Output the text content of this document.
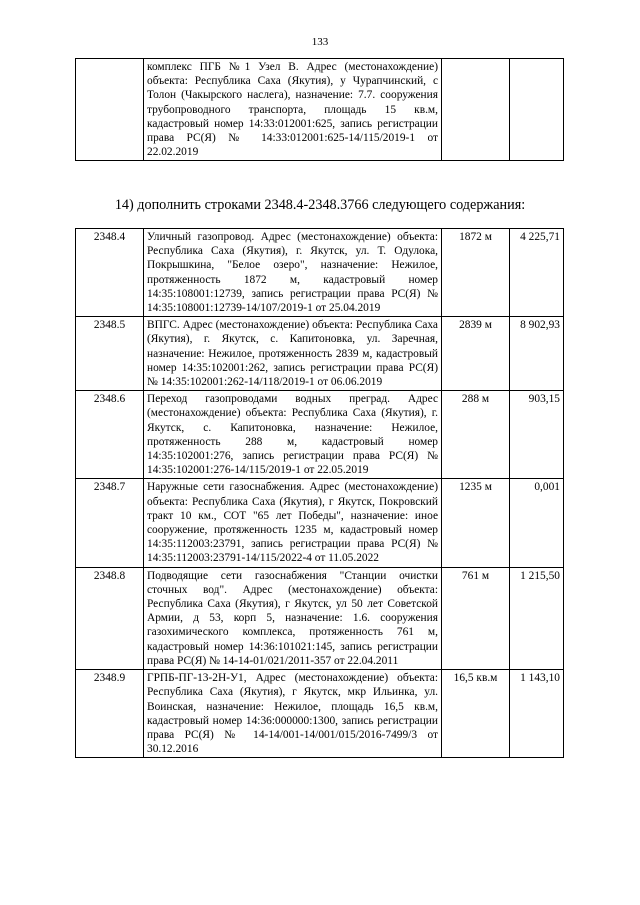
133
	комплекс ПГБ №1 Узел В. Адрес (местонахождение) объекта: Республика Саха (Якутия), у Чурапчинский, с Толон (Чакырского наслега), назначение: 7.7. сооружения трубопроводного транспорта, площадь 15 кв.м, кадастровый номер 14:33:012001:625, запись регистрации права РС(Я) № 14:33:012001:625-14/115/2019-1 от 22.02.2019		
14) дополнить строками 2348.4-2348.3766 следующего содержания:
2348.4	Уличный газопровод. Адрес (местонахождение) объекта: Республика Саха (Якутия), г. Якутск, ул. Т. Одулока, Покрышкина, "Белое озеро", назначение: Нежилое, протяженность 1872 м, кадастровый номер 14:35:108001:12739, запись регистрации права РС(Я) № 14:35:108001:12739-14/107/2019-1 от 25.04.2019	1872 м	4 225,71
2348.5	ВПГС. Адрес (местонахождение) объекта: Республика Саха (Якутия), г. Якутск, с. Капитоновка, ул. Заречная, назначение: Нежилое, протяженность 2839 м, кадастровый номер 14:35:102001:262, запись регистрации права РС(Я) № 14:35:102001:262-14/118/2019-1 от 06.06.2019	2839 м	8 902,93
2348.6	Переход газопроводами водных преград. Адрес (местонахождение) объекта: Республика Саха (Якутия), г. Якутск, с. Капитоновка, назначение: Нежилое, протяженность 288 м, кадастровый номер 14:35:102001:276, запись регистрации права РС(Я) № 14:35:102001:276-14/115/2019-1 от 22.05.2019	288 м	903,15
2348.7	Наружные сети газоснабжения. Адрес (местонахождение) объекта: Республика Саха (Якутия), г Якутск, Покровский тракт 10 км., СОТ "65 лет Победы", назначение: иное сооружение, протяженность 1235 м, кадастровый номер 14:35:112003:23791, запись регистрации права РС(Я) № 14:35:112003:23791-14/115/2022-4 от 11.05.2022	1235 м	0,001
2348.8	Подводящие сети газоснабжения "Станции очистки сточных вод". Адрес (местонахождение) объекта: Республика Саха (Якутия), г Якутск, ул 50 лет Советской Армии, д 53, корп 5, назначение: 1.6. сооружения газохимического комплекса, протяженность 761 м, кадастровый номер 14:36:101021:145, запись регистрации права РС(Я) № 14-14-01/021/2011-357 от 22.04.2011	761 м	1 215,50
2348.9	ГРПБ-ПГ-13-2Н-У1, Адрес (местонахождение) объекта: Республика Саха (Якутия), г Якутск, мкр Ильинка, ул. Воинская, назначение: Нежилое, площадь 16,5 кв.м, кадастровый номер 14:36:000000:1300, запись регистрации права РС(Я) № 14-14/001-14/001/015/2016-7499/3 от 30.12.2016	16,5 кв.м	1 143,10
